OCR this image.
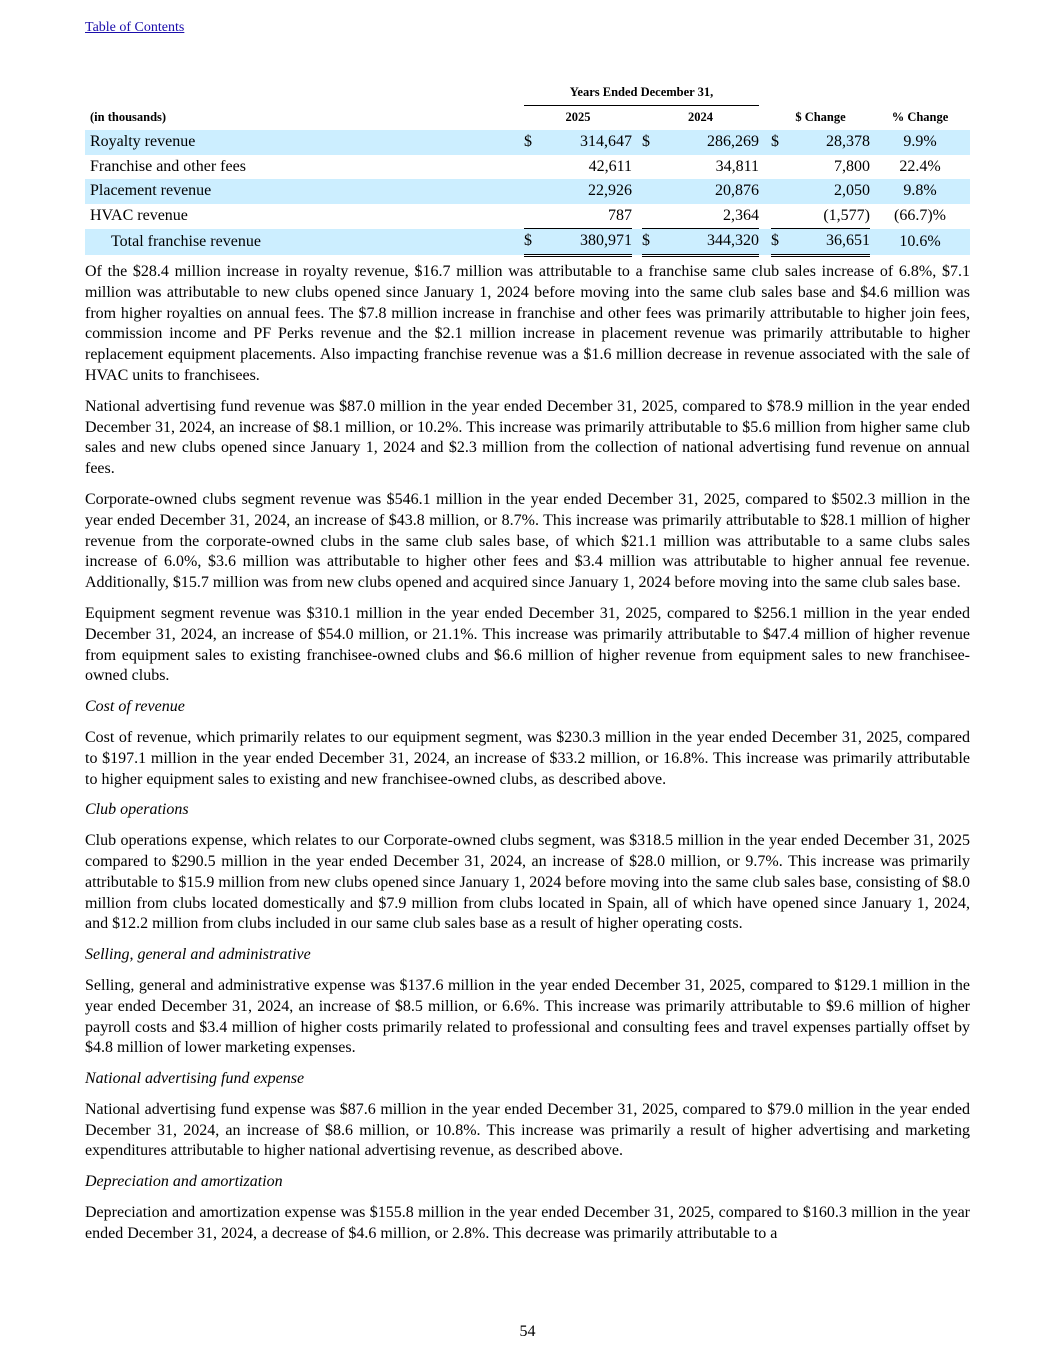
Table of Contents
	Years Ended December 31,								
(in thousands)	2025			2024			$ Change		% Change
Royalty revenue	$	314,647		$	286,269		$	28,378	9.9%
Franchise and other fees		42,611			34,811			7,800	22.4%
Placement revenue		22,926			20,876			2,050	9.8%
HVAC revenue		787			2,364			(1,577)	(66.7)%
Total franchise revenue	$	380,971		$	344,320		$	36,651	10.6%

Of the $28.4 million increase in royalty revenue, $16.7 million was attributable to a franchise same club sales increase of 6.8%, $7.1 million was attributable to new clubs opened since January 1, 2024 before moving into the same club sales base and $4.6 million was from higher royalties on annual fees. The $7.8 million increase in franchise and other fees was primarily attributable to higher join fees, commission income and PF Perks revenue and the $2.1 million increase in placement revenue was primarily attributable to higher replacement equipment placements. Also impacting franchise revenue was a $1.6 million decrease in revenue associated with the sale of HVAC units to franchisees.

National advertising fund revenue was $87.0 million in the year ended December 31, 2025, compared to $78.9 million in the year ended December 31, 2024, an increase of $8.1 million, or 10.2%. This increase was primarily attributable to $5.6 million from higher same club sales and new clubs opened since January 1, 2024 and $2.3 million from the collection of national advertising fund revenue on annual fees.

Corporate-owned clubs segment revenue was $546.1 million in the year ended December 31, 2025, compared to $502.3 million in the year ended December 31, 2024, an increase of $43.8 million, or 8.7%. This increase was primarily attributable to $28.1 million of higher revenue from the corporate-owned clubs in the same club sales base, of which $21.1 million was attributable to a same clubs sales increase of 6.0%, $3.6 million was attributable to higher other fees and $3.4 million was attributable to higher annual fee revenue. Additionally, $15.7 million was from new clubs opened and acquired since January 1, 2024 before moving into the same club sales base.

Equipment segment revenue was $310.1 million in the year ended December 31, 2025, compared to $256.1 million in the year ended December 31, 2024, an increase of $54.0 million, or 21.1%. This increase was primarily attributable to $47.4 million of higher revenue from equipment sales to existing franchisee-owned clubs and $6.6 million of higher revenue from equipment sales to new franchisee-owned clubs.

Cost of revenue

Cost of revenue, which primarily relates to our equipment segment, was $230.3 million in the year ended December 31, 2025, compared to $197.1 million in the year ended December 31, 2024, an increase of $33.2 million, or 16.8%. This increase was primarily attributable to higher equipment sales to existing and new franchisee-owned clubs, as described above.

Club operations

Club operations expense, which relates to our Corporate-owned clubs segment, was $318.5 million in the year ended December 31, 2025 compared to $290.5 million in the year ended December 31, 2024, an increase of $28.0 million, or 9.7%. This increase was primarily attributable to $15.9 million from new clubs opened since January 1, 2024 before moving into the same club sales base, consisting of $8.0 million from clubs located domestically and $7.9 million from clubs located in Spain, all of which have opened since January 1, 2024, and $12.2 million from clubs included in our same club sales base as a result of higher operating costs.

Selling, general and administrative

Selling, general and administrative expense was $137.6 million in the year ended December 31, 2025, compared to $129.1 million in the year ended December 31, 2024, an increase of $8.5 million, or 6.6%. This increase was primarily attributable to $9.6 million of higher payroll costs and $3.4 million of higher costs primarily related to professional and consulting fees and travel expenses partially offset by $4.8 million of lower marketing expenses.

National advertising fund expense

National advertising fund expense was $87.6 million in the year ended December 31, 2025, compared to $79.0 million in the year ended December 31, 2024, an increase of $8.6 million, or 10.8%. This increase was primarily a result of higher advertising and marketing expenditures attributable to higher national advertising revenue, as described above.

Depreciation and amortization

Depreciation and amortization expense was $155.8 million in the year ended December 31, 2025, compared to $160.3 million in the year ended December 31, 2024, a decrease of $4.6 million, or 2.8%. This decrease was primarily attributable to a

54
